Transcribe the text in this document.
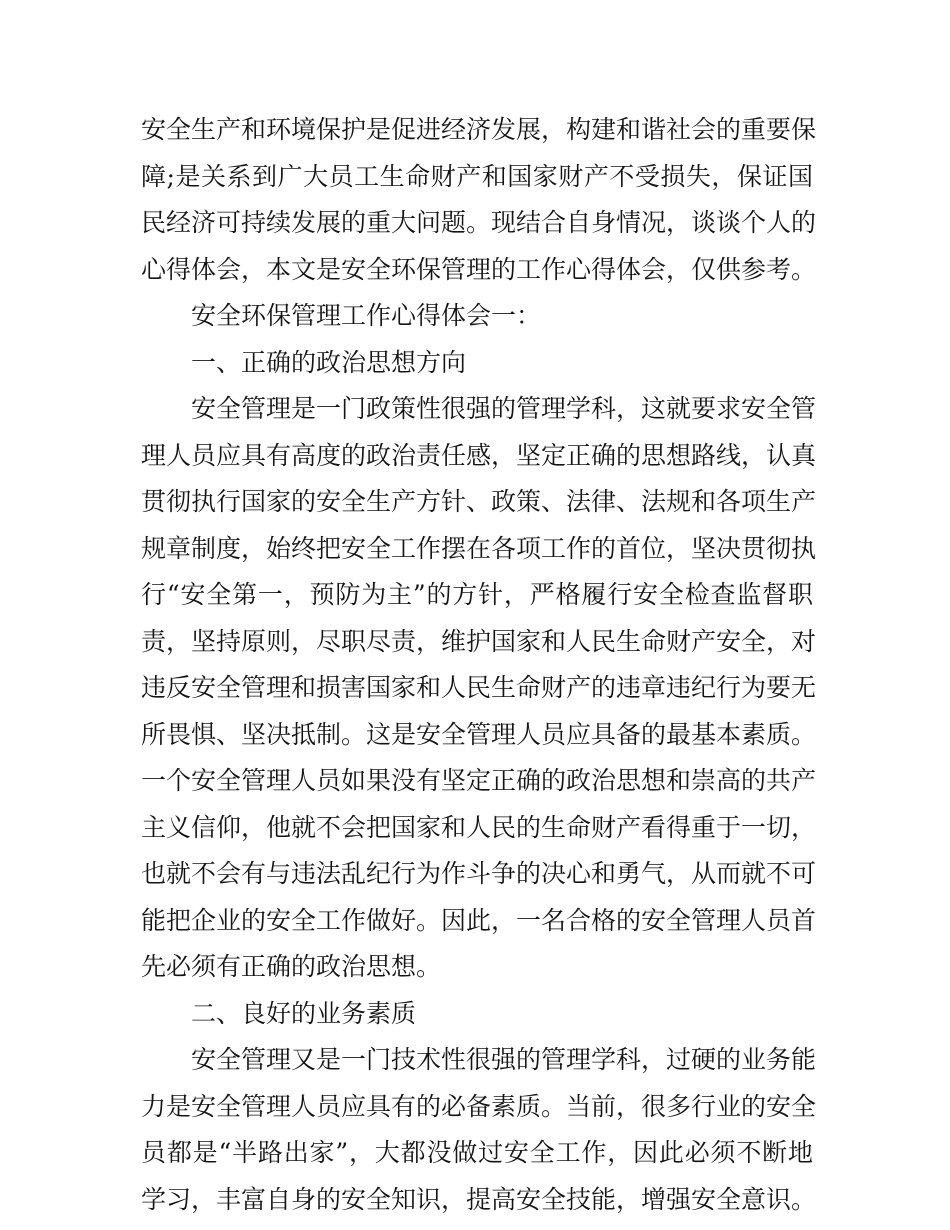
安全生产和环境保护是促进经济发展，构建和谐社会的重要保
障;是关系到广大员工生命财产和国家财产不受损失，保证国
民经济可持续发展的重大问题。现结合自身情况，谈谈个人的
心得体会，本文是安全环保管理的工作心得体会，仅供参考。
安全环保管理工作心得体会一：
一、正确的政治思想方向
安全管理是一门政策性很强的管理学科，这就要求安全管
理人员应具有高度的政治责任感，坚定正确的思想路线，认真
贯彻执行国家的安全生产方针、政策、法律、法规和各项生产
规章制度，始终把安全工作摆在各项工作的首位，坚决贯彻执
行“安全第一，预防为主”的方针，严格履行安全检查监督职
责，坚持原则，尽职尽责，维护国家和人民生命财产安全，对
违反安全管理和损害国家和人民生命财产的违章违纪行为要无
所畏惧、坚决抵制。这是安全管理人员应具备的最基本素质。
一个安全管理人员如果没有坚定正确的政治思想和崇高的共产
主义信仰，他就不会把国家和人民的生命财产看得重于一切，
也就不会有与违法乱纪行为作斗争的决心和勇气，从而就不可
能把企业的安全工作做好。因此，一名合格的安全管理人员首
先必须有正确的政治思想。
二、良好的业务素质
安全管理又是一门技术性很强的管理学科，过硬的业务能
力是安全管理人员应具有的必备素质。当前，很多行业的安全
员都是“半路出家”，大都没做过安全工作，因此必须不断地
学习，丰富自身的安全知识，提高安全技能，增强安全意识。
